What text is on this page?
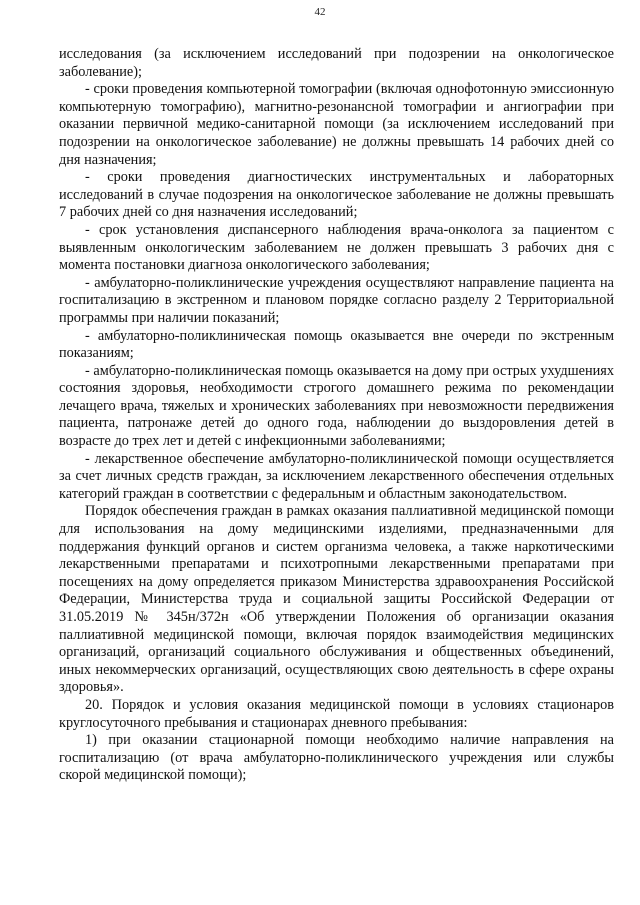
42

исследования (за исключением исследований при подозрении на онкологическое заболевание);

- сроки проведения компьютерной томографии (включая однофотонную эмиссионную компьютерную томографию), магнитно-резонансной томографии и ангиографии при оказании первичной медико-санитарной помощи (за исключением исследований при подозрении на онкологическое заболевание) не должны превышать 14 рабочих дней со дня назначения;

- сроки проведения диагностических инструментальных и лабораторных исследований в случае подозрения на онкологическое заболевание не должны превышать 7 рабочих дней со дня назначения исследований;

- срок установления диспансерного наблюдения врача-онколога за пациентом с выявленным онкологическим заболеванием не должен превышать 3 рабочих дня с момента постановки диагноза онкологического заболевания;

- амбулаторно-поликлинические учреждения осуществляют направление пациента на госпитализацию в экстренном и плановом порядке согласно разделу 2 Территориальной программы при наличии показаний;

- амбулаторно-поликлиническая помощь оказывается вне очереди по экстренным показаниям;

- амбулаторно-поликлиническая помощь оказывается на дому при острых ухудшениях состояния здоровья, необходимости строгого домашнего режима по рекомендации лечащего врача, тяжелых и хронических заболеваниях при невозможности передвижения пациента, патронаже детей до одного года, наблюдении до выздоровления детей в возрасте до трех лет и детей с инфекционными заболеваниями;

- лекарственное обеспечение амбулаторно-поликлинической помощи осуществляется за счет личных средств граждан, за исключением лекарственного обеспечения отдельных категорий граждан в соответствии с федеральным и областным законодательством.

Порядок обеспечения граждан в рамках оказания паллиативной медицинской помощи для использования на дому медицинскими изделиями, предназначенными для поддержания функций органов и систем организма человека, а также наркотическими лекарственными препаратами и психотропными лекарственными препаратами при посещениях на дому определяется приказом Министерства здравоохранения Российской Федерации, Министерства труда и социальной защиты Российской Федерации от 31.05.2019 № 345н/372н «Об утверждении Положения об организации оказания паллиативной медицинской помощи, включая порядок взаимодействия медицинских организаций, организаций социального обслуживания и общественных объединений, иных некоммерческих организаций, осуществляющих свою деятельность в сфере охраны здоровья».

20. Порядок и условия оказания медицинской помощи в условиях стационаров круглосуточного пребывания и стационарах дневного пребывания:

1) при оказании стационарной помощи необходимо наличие направления на госпитализацию (от врача амбулаторно-поликлинического учреждения или службы скорой медицинской помощи);
